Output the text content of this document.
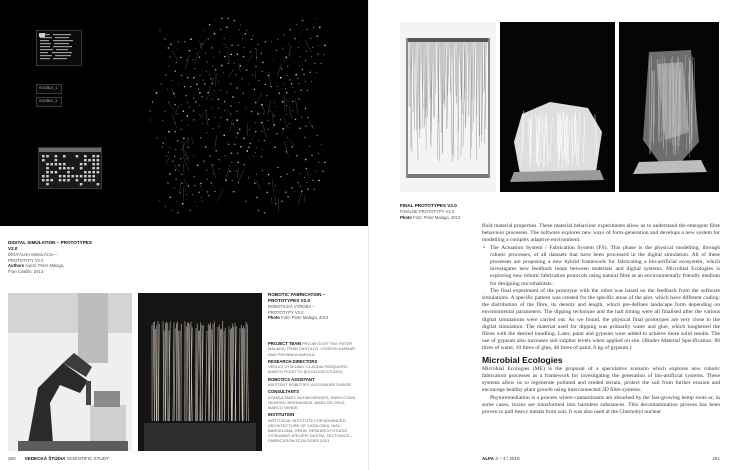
VISIBLE_1
VISIBLE_2
DIGITAL SIMULATION – PROTOTYPES V2.0
DIGITÁLNA SIMULÁCIA –
PROTOTYPY V2.0
Authors Autori: Peter Malaga,
Fran Castillo, 2013
ROBOTIC FABRICATION –
PROTOTYPES V2.0
ROBOTICKÁ VÝROBA –
PROTOTYPY V2.0
Photo Foto: Peter Malaga, 2013
PROJECT TEAM PROJEKTOVÝ TÍM: PETER MALAGA, FRAN CASTILLO, YOGESH KARKAR AND PRIYANKA NARULA
RESEARCH DIRECTORS
VEDÚCI VÝSKUMU: CLAUDIA PASQUERO, MARCO POLETTO (ECOLOGICSTUDIO)
ROBOTICS ASSISTANT
ASISTENT ROBOTIKY: ALEXANDRE DUBOR
CONSULTANTS
KONZULTANTI: ACHIM MENGES, ENRICO DINI, GIORGIO JERONIMIDIS, MARCOS CRUZ, MARCO VERDE
INSTITUTION
INŠTITÚCIA: INSTITUTE FOR ADVANCED ARCHITECTURE OF CATALONIA, IAAC, BARCELONA, SPAIN, RESEARCH STUDIO VÝSKUMNÝ ATELIÉR: DIGITAL TECTONICS – FABRICATION ECOLOGIES 2013
260 VEDECKÁ ŠTÚDIA SCIENTIFIC STUDY
FINAL PROTOTYPES V2.0
FINÁLNE PROTOTYPY V2.0
Photo Foto: Peter Malaga, 2013

fluid material properties. These material behaviour experiments allow us to understand the emergent fibre behaviour processes. The software explores new ways of form-generation and develops a new system for modelling a complex adaptive environment.

• The Actuation System / Fabrication System (FS). This phase is the physical modelling, through robotic processes, of all datasets that have been processed in the digital simulation. All of these processes are proposing a new hybrid framework for fabricating a bio-artificial ecosystem, which investigates new feedback loops between materials and digital systems. Microbial Ecologies is exploring new robotic fabrication protocols using natural fibre as an environmentally friendly medium for designing microhabitats.

The final experiment of the prototype with the robot was based on the feedback from the software simulations. A specific pattern was created for the specific areas of the plot, which have different coding: the distribution of the fibre, its density and length, which pre-defines landscape form depending on environmental parameters. The dipping technique and the halt timing were all finalised after the various digital simulations were carried out. As we found, the physical final prototypes are very close to the digital simulation. The material used for dipping was primarily water and glue, which toughened the fibres with the desired bundling. Later, paint and gypsum were added to achieve more solid results. The use of gypsum also increases soil sulphur levels when applied on site. (Binder Material Specification: 80 litres of water, 10 litres of glue, 40 litres of paint, 8 kg of gypsum.)

Microbial Ecologies

Microbial Ecologies (ME) is the proposal of a speculative scenario which explores new robotic fabrication processes as a framework for investigating the generation of bio-artificial systems. These systems allow us to regenerate polluted and eroded terrain, protect the soil from further erosion and encourage healthy plant growth using interconnected 3D fibre systems.

Phytoremediation is a process where contaminants are absorbed by the fast-growing hemp roots or, in some cases, toxins are transformed into harmless substances. This decontamination process has been proven to pull heavy metals from soil. It was also used at the Chernobyl nuclear

ALFA 3 – 4 / 2018	261
